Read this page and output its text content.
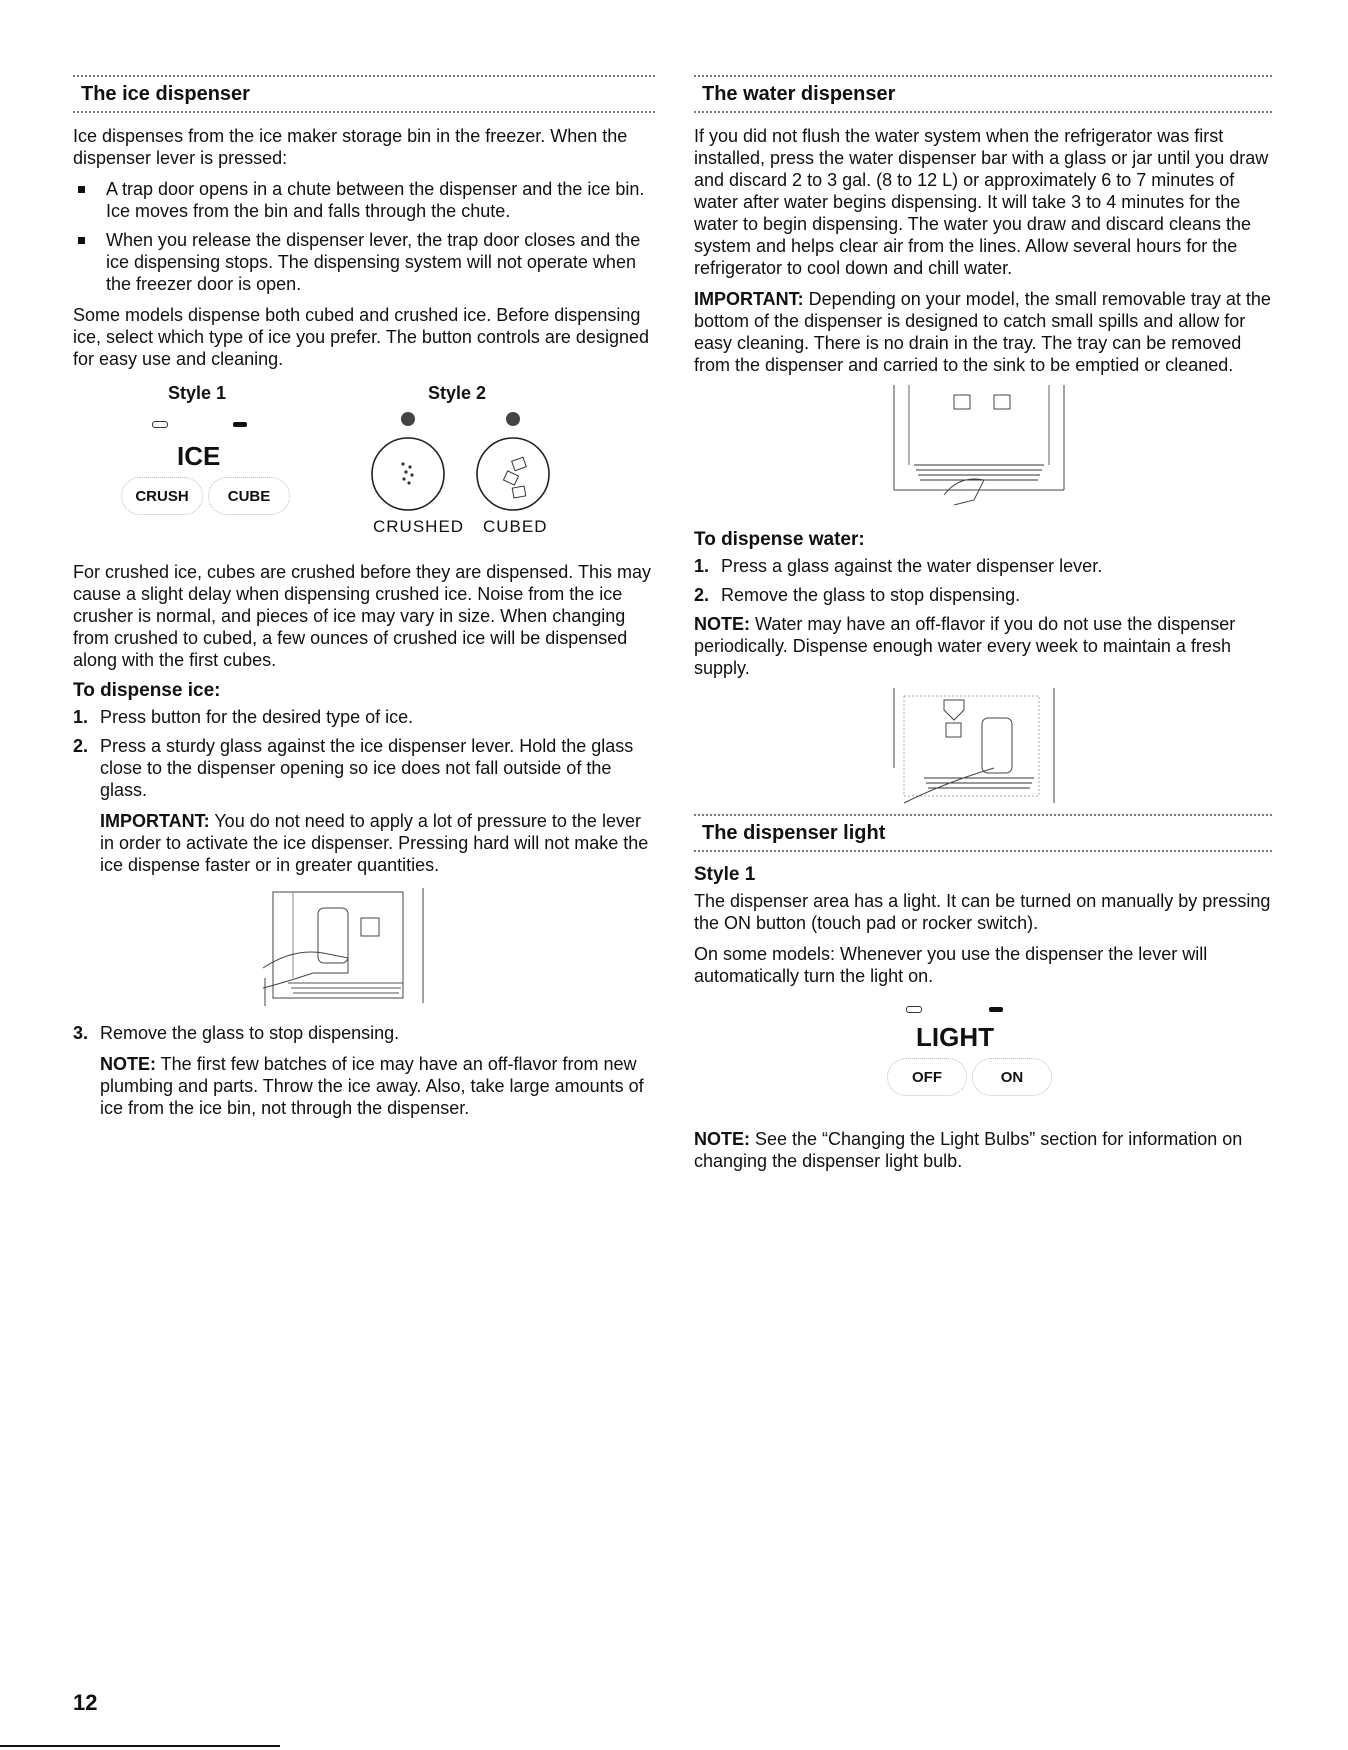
The ice dispenser

Ice dispenses from the ice maker storage bin in the freezer. When the dispenser lever is pressed:

A trap door opens in a chute between the dispenser and the ice bin. Ice moves from the bin and falls through the chute.
When you release the dispenser lever, the trap door closes and the ice dispensing stops. The dispensing system will not operate when the freezer door is open.

Some models dispense both cubed and crushed ice. Before dispensing ice, select which type of ice you prefer. The button controls are designed for easy use and cleaning.

Style 1	Style 2
ICE
CRUSH	CUBE
CRUSHED CUBED

For crushed ice, cubes are crushed before they are dispensed. This may cause a slight delay when dispensing crushed ice. Noise from the ice crusher is normal, and pieces of ice may vary in size. When changing from crushed to cubed, a few ounces of crushed ice will be dispensed along with the first cubes.

To dispense ice:
1. Press button for the desired type of ice.
2. Press a sturdy glass against the ice dispenser lever. Hold the glass close to the dispenser opening so ice does not fall outside of the glass.

IMPORTANT: You do not need to apply a lot of pressure to the lever in order to activate the ice dispenser. Pressing hard will not make the ice dispense faster or in greater quantities.

3. Remove the glass to stop dispensing.

NOTE: The first few batches of ice may have an off-flavor from new plumbing and parts. Throw the ice away. Also, take large amounts of ice from the ice bin, not through the dispenser.

The water dispenser

If you did not flush the water system when the refrigerator was first installed, press the water dispenser bar with a glass or jar until you draw and discard 2 to 3 gal. (8 to 12 L) or approximately 6 to 7 minutes of water after water begins dispensing. It will take 3 to 4 minutes for the water to begin dispensing. The water you draw and discard cleans the system and helps clear air from the lines. Allow several hours for the refrigerator to cool down and chill water.

IMPORTANT: Depending on your model, the small removable tray at the bottom of the dispenser is designed to catch small spills and allow for easy cleaning. There is no drain in the tray. The tray can be removed from the dispenser and carried to the sink to be emptied or cleaned.

To dispense water:
1. Press a glass against the water dispenser lever.
2. Remove the glass to stop dispensing.

NOTE: Water may have an off-flavor if you do not use the dispenser periodically. Dispense enough water every week to maintain a fresh supply.

The dispenser light
Style 1

The dispenser area has a light. It can be turned on manually by pressing the ON button (touch pad or rocker switch).

On some models: Whenever you use the dispenser the lever will automatically turn the light on.

LIGHT
OFF	ON

NOTE: See the “Changing the Light Bulbs” section for information on changing the dispenser light bulb.

12
